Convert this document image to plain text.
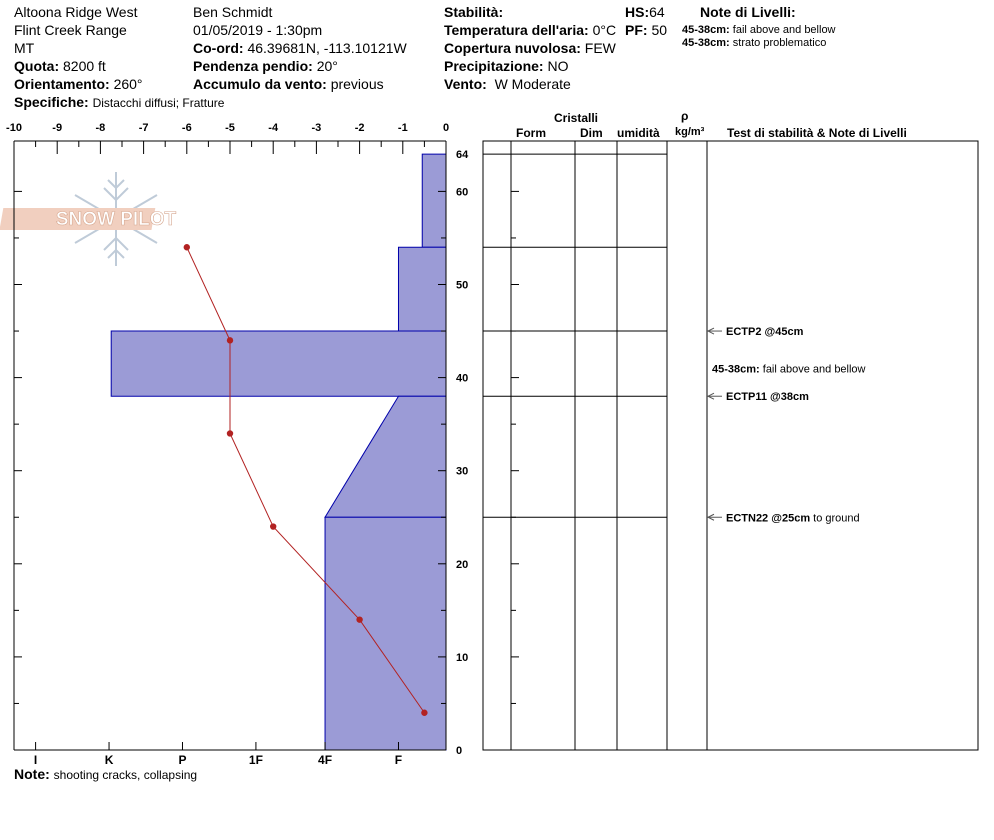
Altoona Ridge West
Flint Creek Range
MT
Quota: 8200 ft
Orientamento: 260°
Specifiche: Distacchi diffusi; Fratture
Ben Schmidt
01/05/2019 - 1:30pm
Co-ord: 46.39681N, -113.10121W
Pendenza pendio: 20°
Accumulo da vento: previous
Stabilità:
Temperatura dell'aria: 0°C
Copertura nuvolosa: FEW
Precipitazione: NO
Vento: W Moderate
HS:64
PF: 50
Note di Livelli:
45-38cm: fail above and bellow
45-38cm: strato problematico
Cristalli
Form	Dim umidità
ρ
kg/m³ Test di stabilità & Note di Livelli
Note: shooting cracks, collapsing
SNOW PILOT
-10	-9	-8	-7	-6	-5	-4	-3	-2	-1	0
I	K	P	1F	4F	F
0
10
20
30
40
50
60
64
ECTP2 @45cm
ECTP11 @38cm
ECTN22 @25cm to ground
45-38cm: fail above and bellow
